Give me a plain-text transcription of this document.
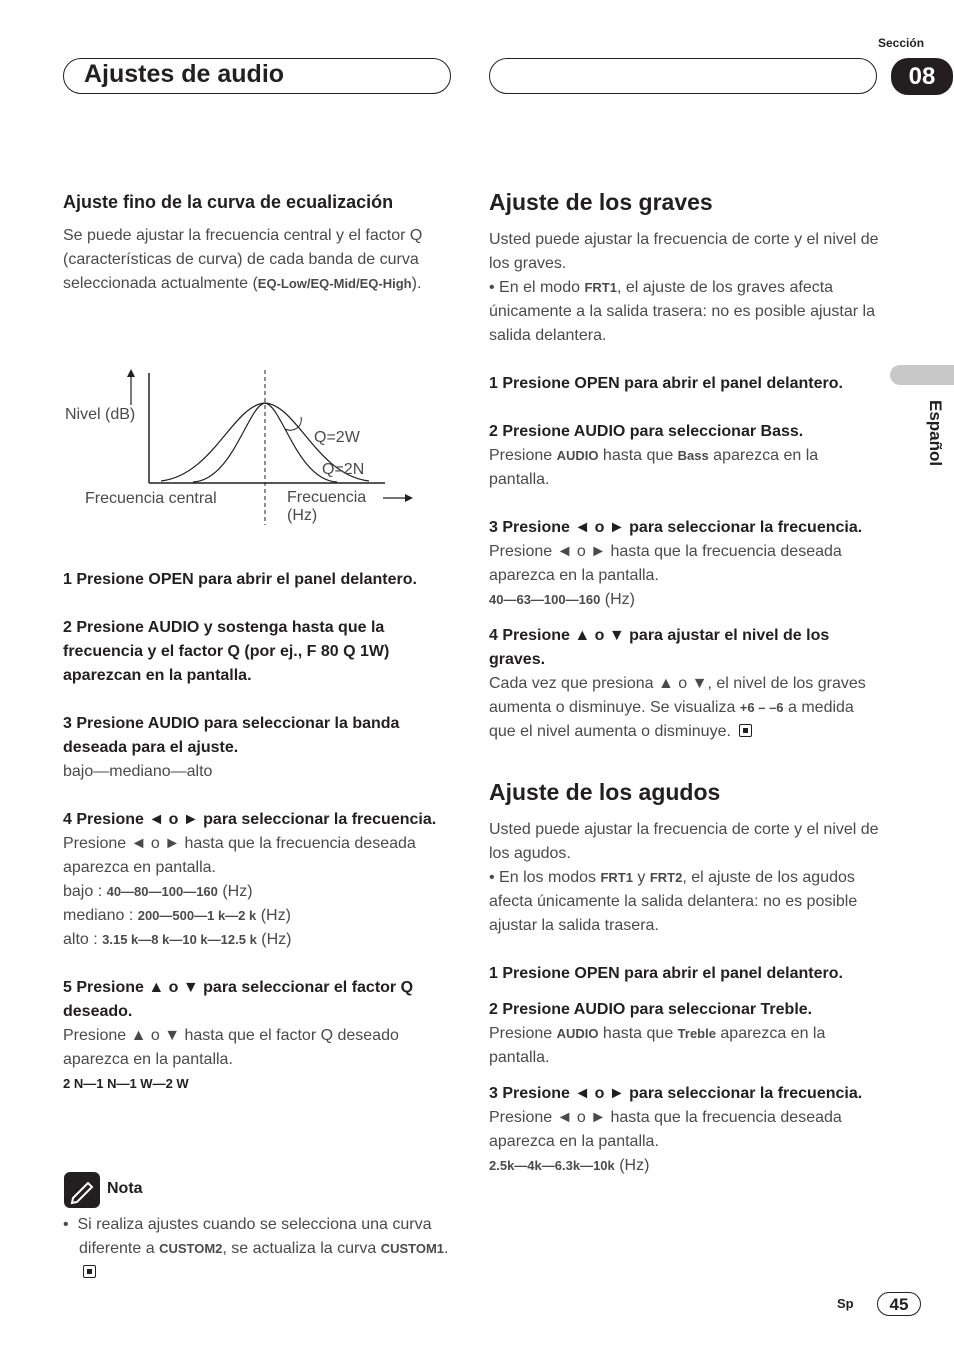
Ajustes de audio
Sección
08
Español
Ajuste fino de la curva de ecualización

Se puede ajustar la frecuencia central y el factor Q (características de curva) de cada banda de curva seleccionada actualmente (EQ-Low/EQ-Mid/EQ-High).

Nivel (dB)
Q=2W
Q=2N
Frecuencia central	Frecuencia
(Hz)

1 Presione OPEN para abrir el panel delantero.

2 Presione AUDIO y sostenga hasta que la frecuencia y el factor Q (por ej., F 80 Q 1W) aparezcan en la pantalla.

3 Presione AUDIO para seleccionar la banda deseada para el ajuste.

bajo—mediano—alto

4 Presione ◄ o ► para seleccionar la frecuencia.

Presione ◄ o ► hasta que la frecuencia deseada aparezca en pantalla.

bajo : 40—80—100—160 (Hz)

mediano : 200—500—1 k—2 k (Hz)

alto : 3.15 k—8 k—10 k—12.5 k (Hz)

5 Presione ▲ o ▼ para seleccionar el factor Q deseado.

Presione ▲ o ▼ hasta que el factor Q deseado aparezca en la pantalla.

2 N—1 N—1 W—2 W

Nota

•  Si realiza ajustes cuando se selecciona una curva diferente a CUSTOM2, se actualiza la curva CUSTOM1.

Ajuste de los graves

Usted puede ajustar la frecuencia de corte y el nivel de los graves.

• En el modo FRT1, el ajuste de los graves afecta únicamente a la salida trasera: no es posible ajustar la salida delantera.

1 Presione OPEN para abrir el panel delantero.

2 Presione AUDIO para seleccionar Bass.

Presione AUDIO hasta que Bass aparezca en la pantalla.

3 Presione ◄ o ► para seleccionar la frecuencia.

Presione ◄ o ► hasta que la frecuencia deseada aparezca en la pantalla.

40—63—100—160 (Hz)

4 Presione ▲ o ▼ para ajustar el nivel de los graves.

Cada vez que presiona ▲ o ▼, el nivel de los graves aumenta o disminuye. Se visualiza +6 – –6 a medida que el nivel aumenta o disminuye.

Ajuste de los agudos

Usted puede ajustar la frecuencia de corte y el nivel de los agudos.

• En los modos FRT1 y FRT2, el ajuste de los agudos afecta únicamente la salida delantera: no es posible ajustar la salida trasera.

1 Presione OPEN para abrir el panel delantero.

2 Presione AUDIO para seleccionar Treble.

Presione AUDIO hasta que Treble aparezca en la pantalla.

3 Presione ◄ o ► para seleccionar la frecuencia.

Presione ◄ o ► hasta que la frecuencia deseada aparezca en la pantalla.

2.5k—4k—6.3k—10k (Hz)

Sp	45
